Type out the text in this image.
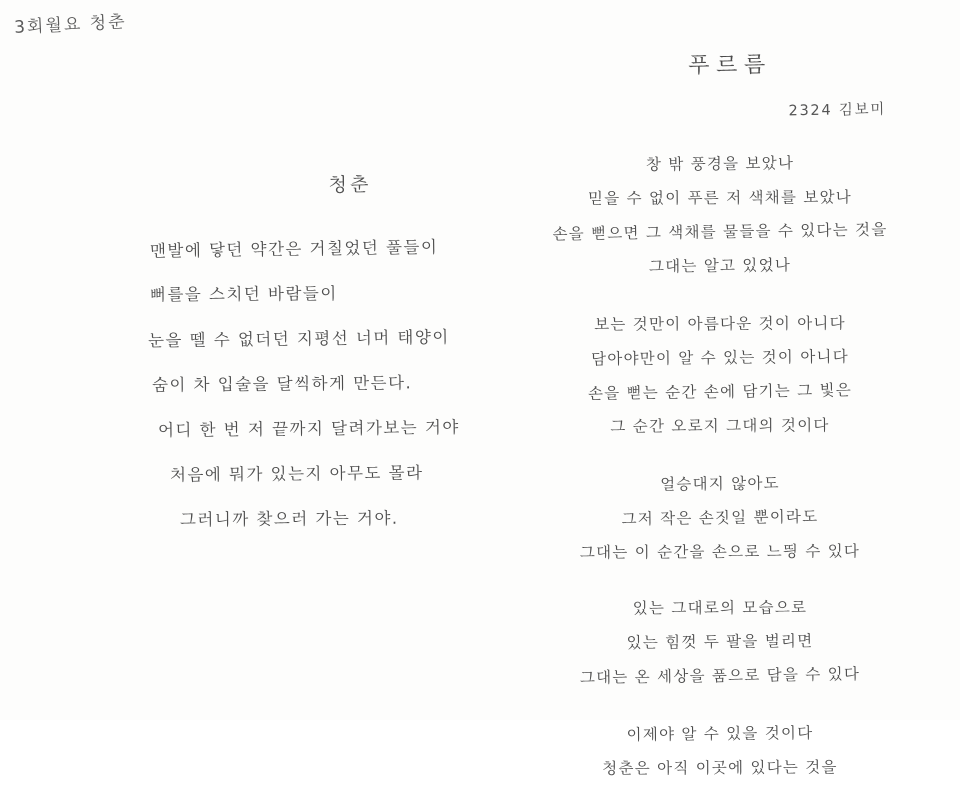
3회월요 청춘
청춘
맨발에 닿던 약간은 거칠었던 풀들이
뻐를을 스치던 바람들이
눈을 뗄 수 없더던 지평선 너머 태양이
숨이 차 입술을 달씩하게 만든다.
어디 한 번 저 끝까지 달려가보는 거야
처음에 뭐가 있는지 아무도 몰라
그러니까 찾으러 가는 거야.
푸르름
2324 김보미
창 밖 풍경을 보았나
믿을 수 없이 푸른 저 색채를 보았나
손을 뻗으면 그 색채를 물들을 수 있다는 것을
그대는 알고 있었나
보는 것만이 아름다운 것이 아니다
담아야만이 알 수 있는 것이 아니다
손을 뻗는 순간 손에 담기는 그 빛은
그 순간 오로지 그대의 것이다
얼승대지 않아도
그저 작은 손짓일 뿐이라도
그대는 이 순간을 손으로 느띙 수 있다
있는 그대로의 모습으로
있는 힘껏 두 팔을 벌리면
그대는 온 세상을 품으로 담을 수 있다
이제야 알 수 있을 것이다
청춘은 아직 이곳에 있다는 것을
